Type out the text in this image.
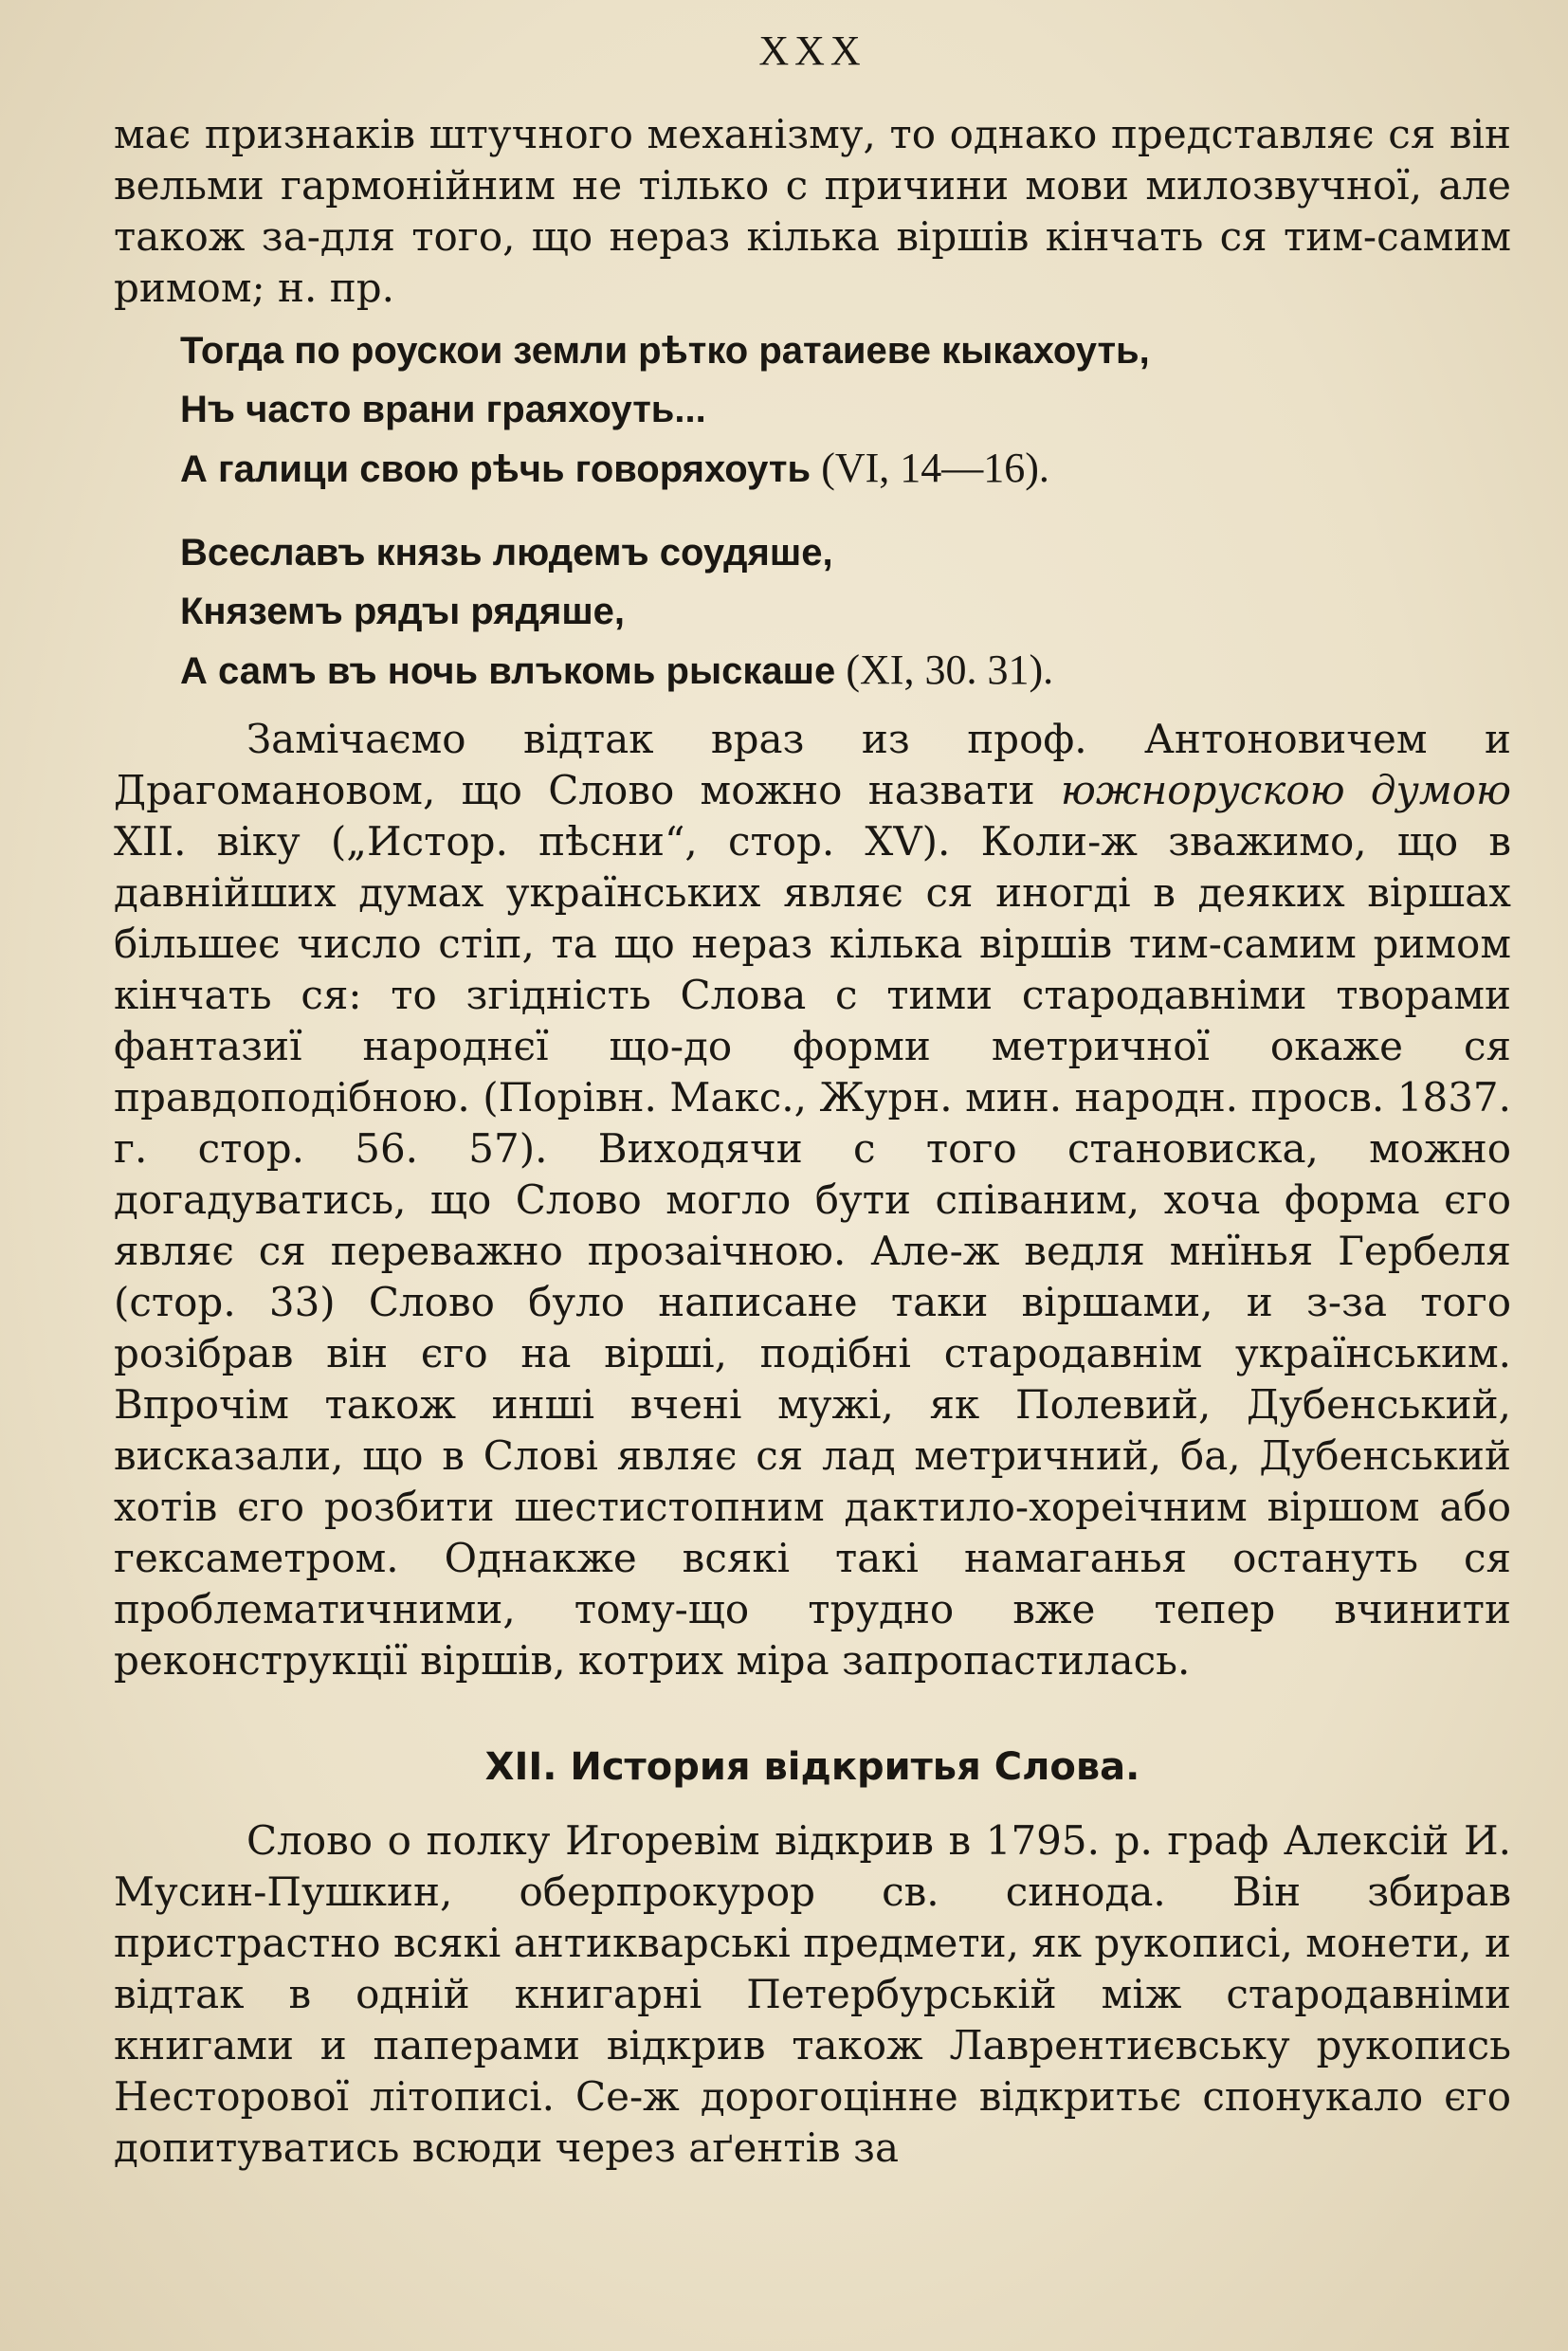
XXX

має признаків штучного механізму, то однако представляє ся він вельми гармонійним не тілько с причини мови милозвучної, але також за-для того, що нераз кілька віршів кінчать ся тим-самим римом; н. пр.

Тогда по роускои земли рѣтко ратаиеве кыкахоуть,
Нъ часто врани граяхоуть...
А галици свою рѣчь говоряхоуть (VI, 14—16).
Всеславъ князь людемъ соудяше,
Княземъ рядъı рядяше,
А самъ въ ночь влъкомь рыскаше (XI, 30. 31).

Замічаємо відтак враз из проф. Антоновичем и Драгомановом, що Слово можно назвати южнорускою думою XII. віку („Истор. пѣсни“, стор. XV). Коли-ж зважимо, що в давнійших думах українських являє ся иногді в деяких віршах більшеє число стіп, та що нераз кілька віршів тим-самим римом кінчать ся: то згідність Слова с тими стародавніми творами фантазиї народнєї що-до форми метричної окаже ся правдоподібною. (Порівн. Макс., Журн. мин. народн. просв. 1837. г. стор. 56. 57). Виходячи с того становиска, можно догадуватись, що Слово могло бути співаним, хоча форма єго являє ся переважно прозаічною. Але-ж ведля мнїнья Гербеля (стор. 33) Слово було написане таки віршами, и з-за того розібрав він єго на вірші, подібні стародавнім українським. Впрочім також инші вчені мужі, як Полевий, Дубенський, висказали, що в Слові являє ся лад метричний, ба, Дубенський хотів єго розбити шестистопним дактило-хореічним віршом або гексаметром. Однакже всякі такі намаганья остануть ся проблематичними, тому-що трудно вже тепер вчинити реконструкції віршів, котрих міра запропастилась.

XII. История відкритья Слова.

Слово о полку Игоревім відкрив в 1795. р. граф Алексій И. Мусин-Пушкин, оберпрокурор св. синода. Він збирав пристрастно всякі антикварські предмети, як рукописі, монети, и відтак в одній книгарні Петербурській між стародавніми книгами и паперами відкрив також Лаврентиєвську рукопись Несторової літописі. Се-ж дорогоцінне відкритьє спонукало єго допитуватись всюди через аґентів за
